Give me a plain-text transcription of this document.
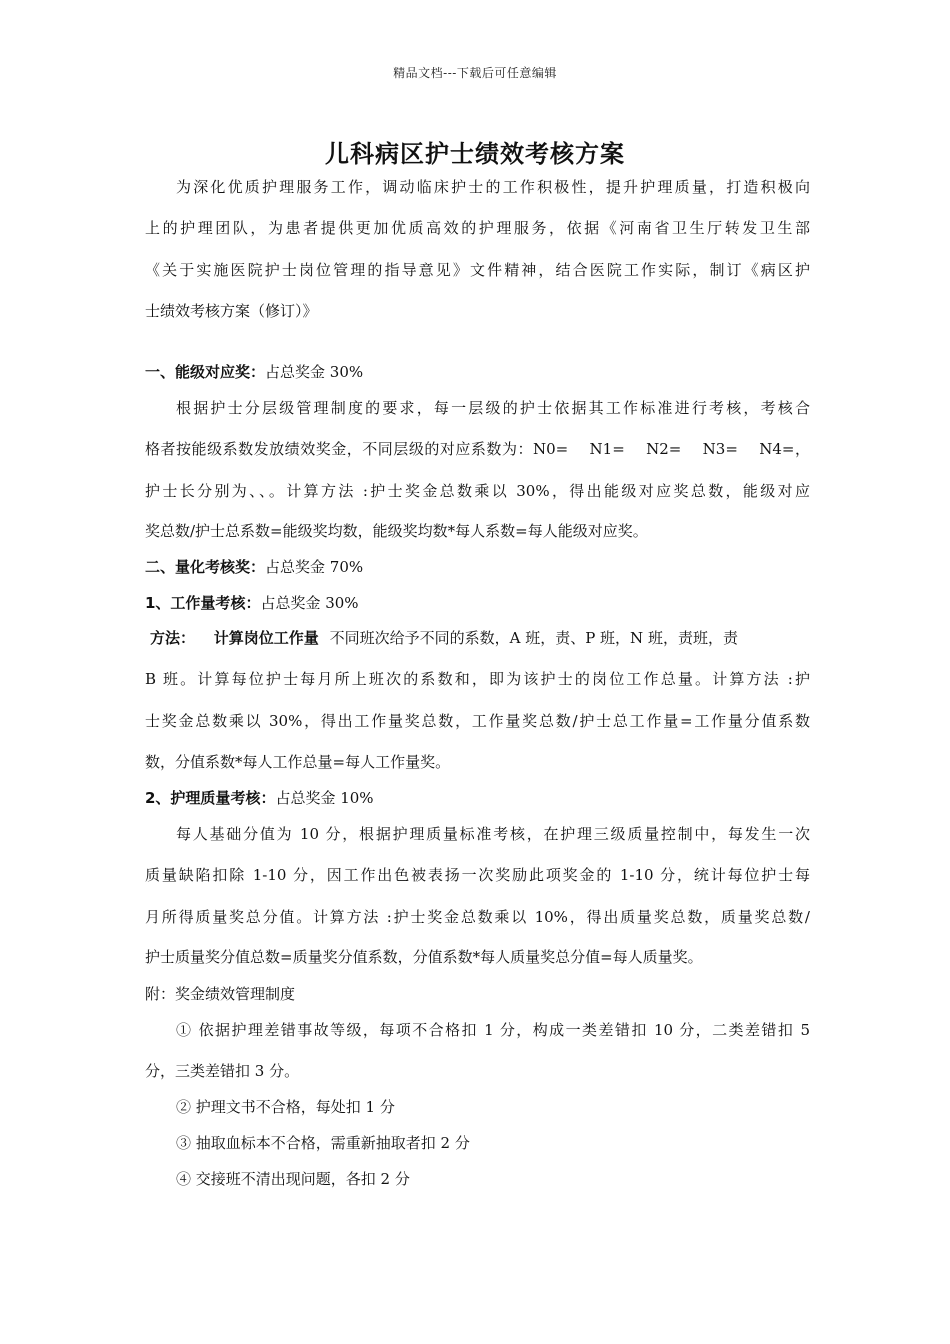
精品文档---下载后可任意编辑
儿科病区护士绩效考核方案
为深化优质护理服务工作，调动临床护士的工作积极性，提升护理质量，打造积极向
上的护理团队，为患者提供更加优质高效的护理服务，依据《河南省卫生厅转发卫生部
《关于实施医院护士岗位管理的指导意见》文件精神，结合医院工作实际，制订《病区护
士绩效考核方案（修订）》
一、能级对应奖：占总奖金 30%
根据护士分层级管理制度的要求，每一层级的护士依据其工作标准进行考核，考核合
格者按能级系数发放绩效奖金，不同层级的对应系数为：N0=　 N1=　 N2=　 N3=　 N4=，
护士长分别为、、。计算方法 :护士奖金总数乘以 30%，得出能级对应奖总数，能级对应
奖总数/护士总系数=能级奖均数，能级奖均数*每人系数=每人能级对应奖。
二、量化考核奖：占总奖金 70%
1、工作量考核：占总奖金 30%
方法： 计算岗位工作量 不同班次给予不同的系数，A 班，责、P 班，N 班，责班，责
B 班。计算每位护士每月所上班次的系数和，即为该护士的岗位工作总量。计算方法 :护
士奖金总数乘以 30%，得出工作量奖总数，工作量奖总数/护士总工作量=工作量分值系数
数，分值系数*每人工作总量=每人工作量奖。
2、护理质量考核：占总奖金 10%
每人基础分值为 10 分，根据护理质量标准考核，在护理三级质量控制中，每发生一次
质量缺陷扣除 1-10 分，因工作出色被表扬一次奖励此项奖金的 1-10 分，统计每位护士每
月所得质量奖总分值。计算方法 :护士奖金总数乘以 10%，得出质量奖总数，质量奖总数/
护士质量奖分值总数=质量奖分值系数，分值系数*每人质量奖总分值=每人质量奖。
附：奖金绩效管理制度
① 依据护理差错事故等级，每项不合格扣 1 分，构成一类差错扣 10 分，二类差错扣 5
分，三类差错扣 3 分。
② 护理文书不合格，每处扣 1 分
③ 抽取血标本不合格，需重新抽取者扣 2 分
④ 交接班不清出现问题，各扣 2 分
